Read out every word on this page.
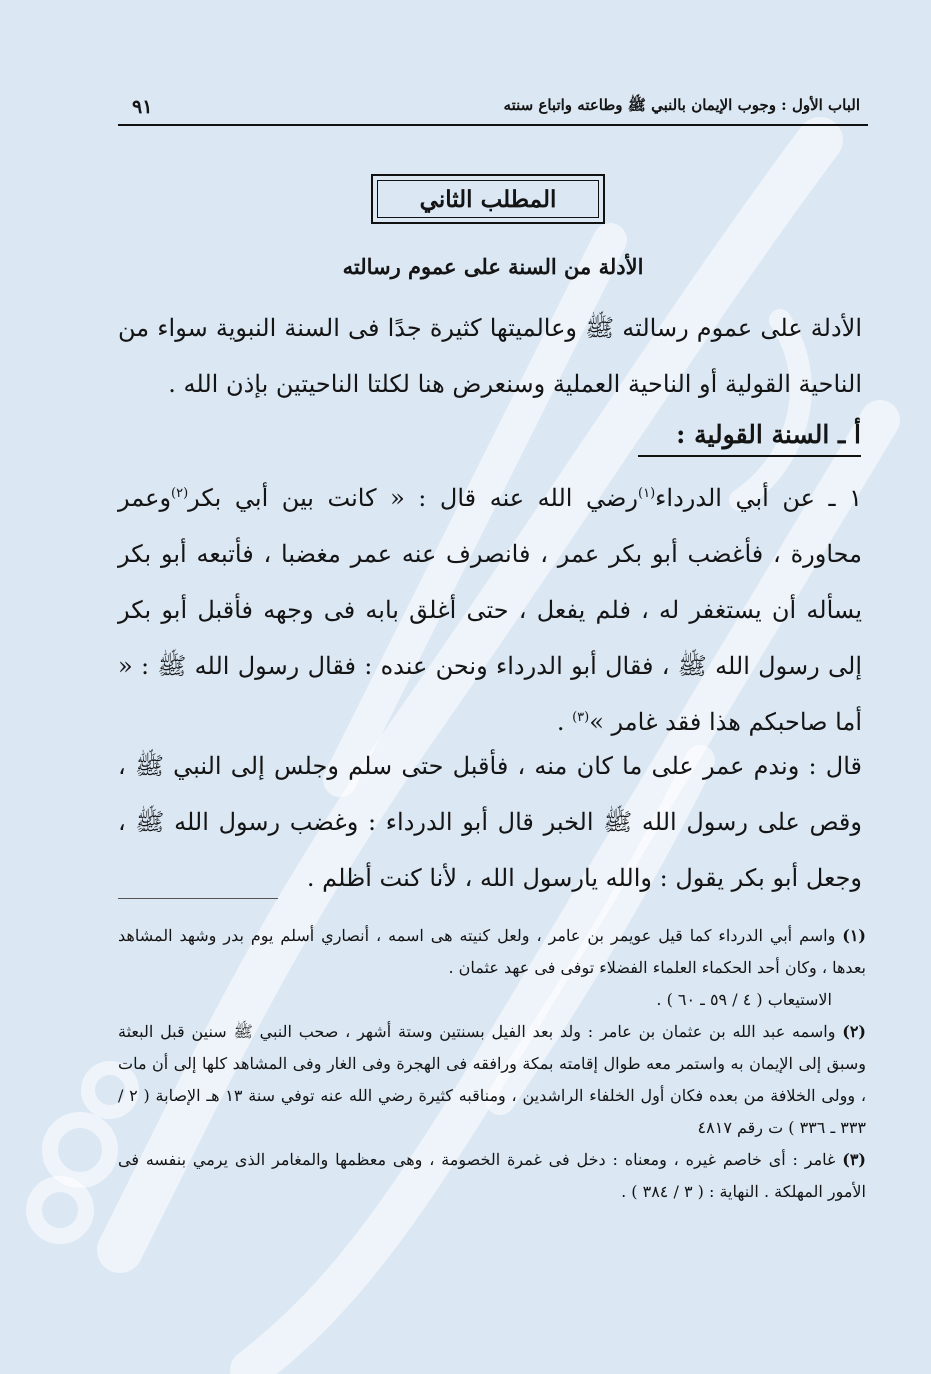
الباب الأول : وجوب الإيمان بالنبي ﷺ وطاعته واتباع سنته
٩١
المطلب الثاني
الأدلة من السنة على عموم رسالته
الأدلة على عموم رسالته ﷺ وعالميتها كثيرة جدًا فى السنة النبوية سواء من الناحية القولية أو الناحية العملية وسنعرض هنا لكلتا الناحيتين بإذن الله .
أ ـ السنة القولية :
١ ـ عن أبي الدرداء$^{(١)}$رضي الله عنه قال : « كانت بين أبي بكر$^{(٢)}$وعمر محاورة ، فأغضب أبو بكر عمر ، فانصرف عنه عمر مغضبا ، فأتبعه أبو بكر يسأله أن يستغفر له ، فلم يفعل ، حتى أغلق بابه فى وجهه فأقبل أبو بكر إلى رسول الله ﷺ ، فقال أبو الدرداء ونحن عنده : فقال رسول الله ﷺ : « أما صاحبكم هذا فقد غامر »$^{(٣)}$ .
قال : وندم عمر على ما كان منه ، فأقبل حتى سلم وجلس إلى النبي ﷺ ، وقص على رسول الله ﷺ الخبر قال أبو الدرداء : وغضب رسول الله ﷺ ، وجعل أبو بكر يقول : والله يارسول الله ، لأنا كنت أظلم .

(١) واسم أبي الدرداء كما قيل عويمر بن عامر ، ولعل كنيته هى اسمه ، أنصاري أسلم يوم بدر وشهد المشاهد بعدها ، وكان أحد الحكماء العلماء الفضلاء توفى فى عهد عثمان .

الاستيعاب ( ٤ / ٥٩ ـ ٦٠ ) .

(٢) واسمه عبد الله بن عثمان بن عامر : ولد بعد الفيل بسنتين وستة أشهر ، صحب النبي ﷺ سنين قبل البعثة وسبق إلى الإيمان به واستمر معه طوال إقامته بمكة ورافقه فى الهجرة وفى الغار وفى المشاهد كلها إلى أن مات ، وولى الخلافة من بعده فكان أول الخلفاء الراشدين ، ومناقبه كثيرة رضي الله عنه توفي سنة ١٣ هـ الإصابة ( ٢ / ٣٣٣ ـ ٣٣٦ ) ت رقم ٤٨١٧

(٣) غامر : أى خاصم غيره ، ومعناه : دخل فى غمرة الخصومة ، وهى معظمها والمغامر الذى يرمي بنفسه فى الأمور المهلكة . النهاية : ( ٣ / ٣٨٤ ) .
